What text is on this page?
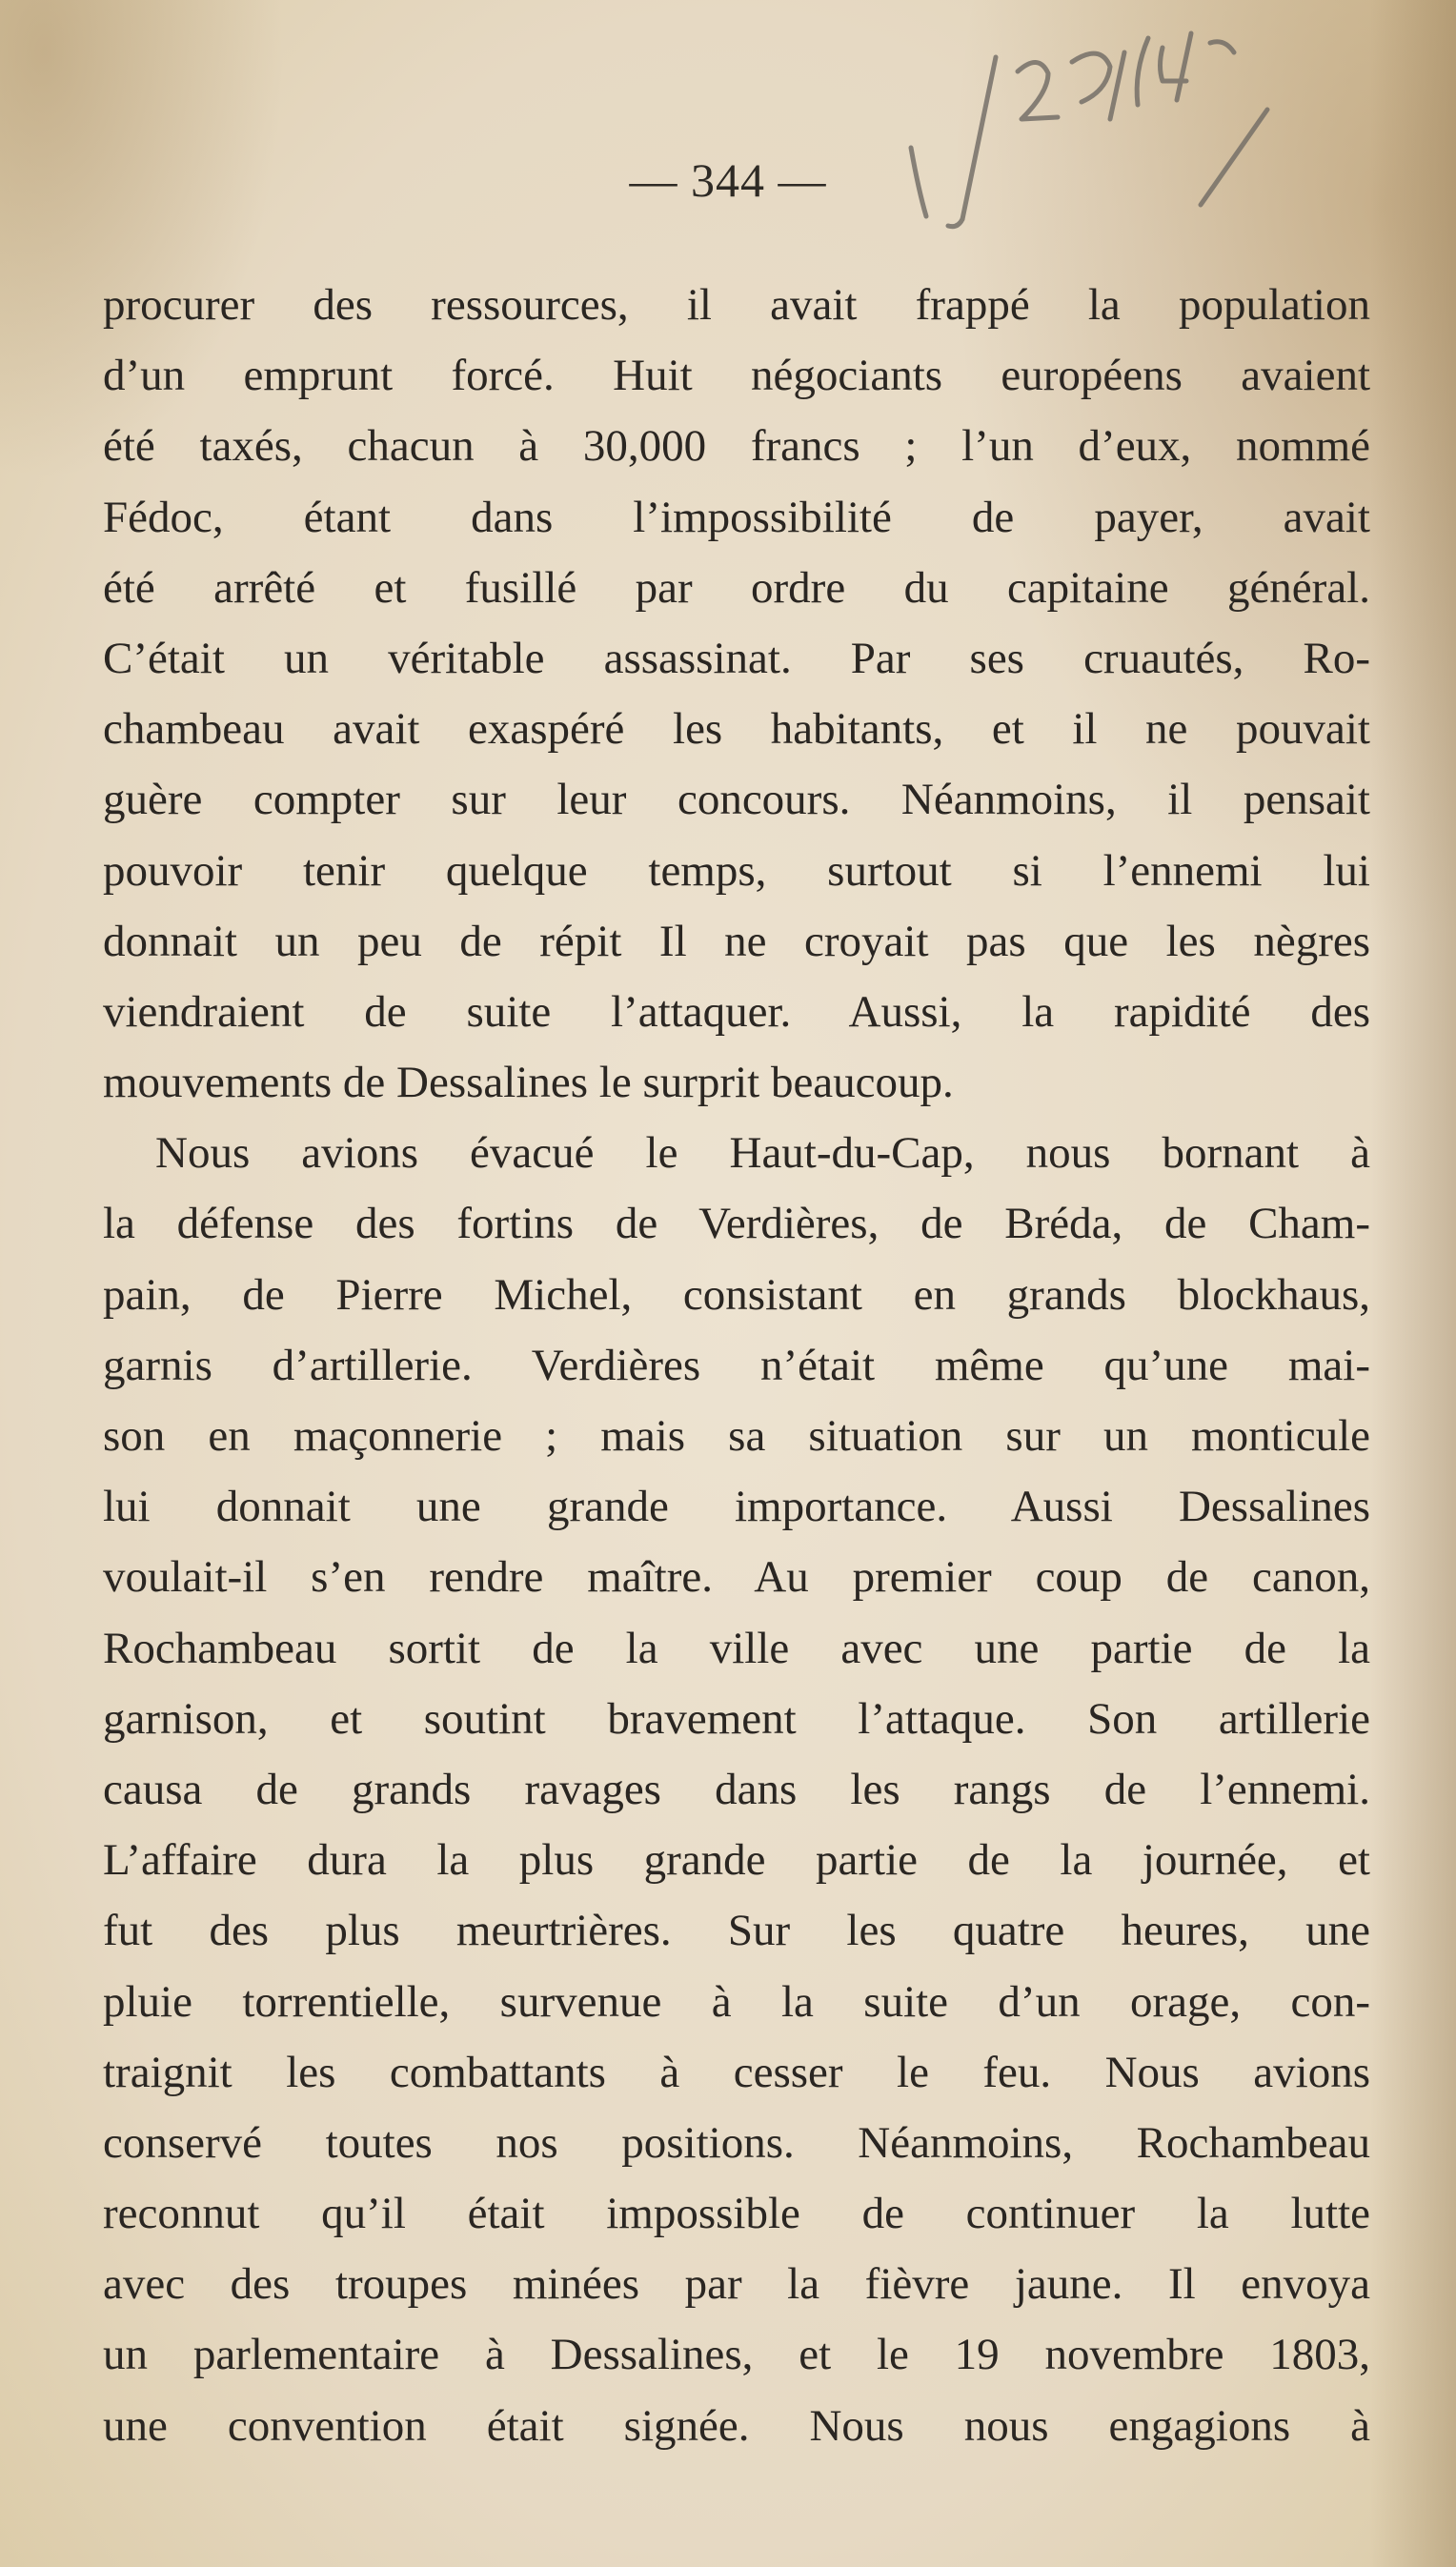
— 344 —
procurer des ressources, il avait frappé la population
d’un emprunt forcé. Huit négociants européens avaient
été taxés, chacun à 30,000 francs ; l’un d’eux, nommé
Fédoc, étant dans l’impossibilité de payer, avait
été arrêté et fusillé par ordre du capitaine général.
C’était un véritable assassinat. Par ses cruautés, Ro-
chambeau avait exaspéré les habitants, et il ne pouvait
guère compter sur leur concours. Néanmoins, il pensait
pouvoir tenir quelque temps, surtout si l’ennemi lui
donnait un peu de répit Il ne croyait pas que les nègres
viendraient de suite l’attaquer. Aussi, la rapidité des
mouvements de Dessalines le surprit beaucoup.
Nous avions évacué le Haut-du-Cap, nous bornant à
la défense des fortins de Verdières, de Bréda, de Cham-
pain, de Pierre Michel, consistant en grands blockhaus,
garnis d’artillerie. Verdières n’était même qu’une mai-
son en maçonnerie ; mais sa situation sur un monticule
lui donnait une grande importance. Aussi Dessalines
voulait-il s’en rendre maître. Au premier coup de canon,
Rochambeau sortit de la ville avec une partie de la
garnison, et soutint bravement l’attaque. Son artillerie
causa de grands ravages dans les rangs de l’ennemi.
L’affaire dura la plus grande partie de la journée, et
fut des plus meurtrières. Sur les quatre heures, une
pluie torrentielle, survenue à la suite d’un orage, con-
traignit les combattants à cesser le feu. Nous avions
conservé toutes nos positions. Néanmoins, Rochambeau
reconnut qu’il était impossible de continuer la lutte
avec des troupes minées par la fièvre jaune. Il envoya
un parlementaire à Dessalines, et le 19 novembre 1803,
une convention était signée. Nous nous engagions à
